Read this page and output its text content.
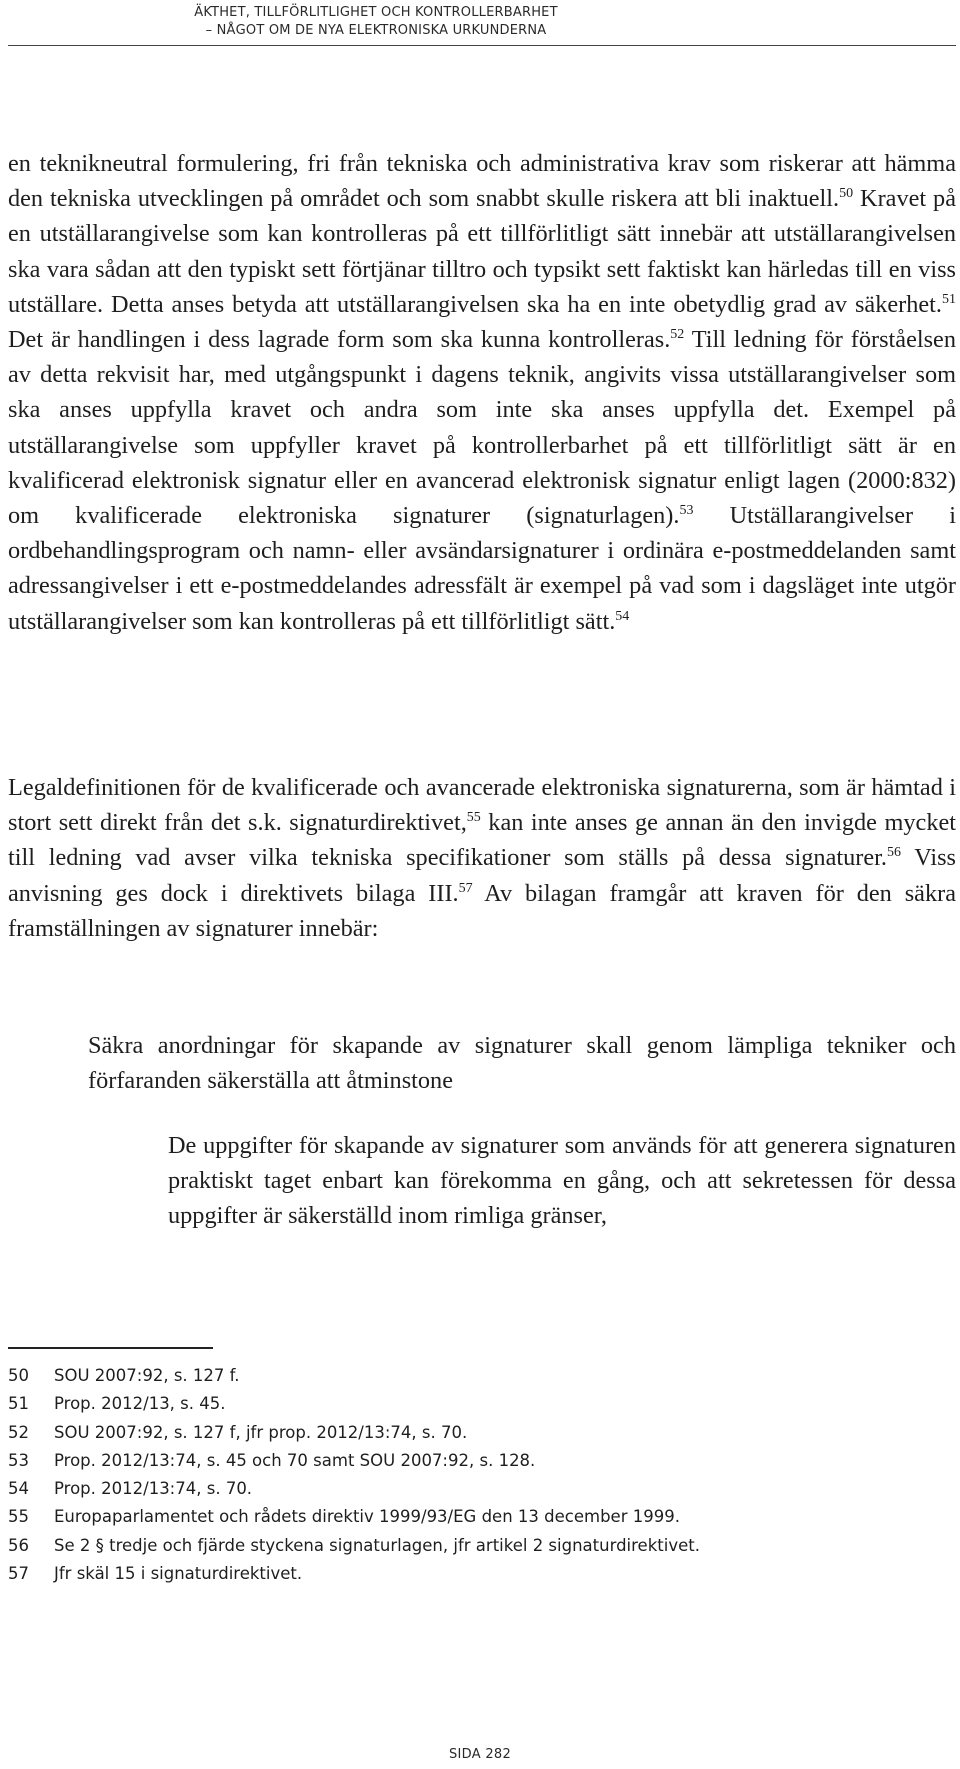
ÄKTHET, TILLFÖRLITLIGHET OCH KONTROLLERBARHET
– NÅGOT OM DE NYA ELEKTRONISKA URKUNDERNA

en teknikneutral formulering, fri från tekniska och administrativa krav som riskerar att hämma den tekniska utvecklingen på området och som snabbt skulle riskera att bli inaktuell.$^{50}$ Kravet på en utställarangivelse som kan kontrolleras på ett tillförlitligt sätt innebär att utställarangivelsen ska vara sådan att den typiskt sett förtjänar tilltro och typsikt sett faktiskt kan härledas till en viss utställare. Detta anses betyda att utställarangivelsen ska ha en inte obetydlig grad av säkerhet.$^{51}$ Det är handlingen i dess lagrade form som ska kunna kontrolleras.$^{52}$ Till ledning för förståelsen av detta rekvisit har, med utgångspunkt i dagens teknik, angivits vissa utställarangivelser som ska anses uppfylla kravet och andra som inte ska anses uppfylla det. Exempel på utställarangivelse som uppfyller kravet på kontrollerbarhet på ett tillförlitligt sätt är en kvalificerad elektronisk signatur eller en avancerad elektronisk signatur enligt lagen (2000:832) om kvalificerade elektroniska signaturer (signaturlagen).$^{53}$ Utställarangivelser i ordbehandlingsprogram och namn- eller avsändarsignaturer i ordinära e-postmeddelanden samt adressangivelser i ett e-postmeddelandes adressfält är exempel på vad som i dagsläget inte utgör utställarangivelser som kan kontrolleras på ett tillförlitligt sätt.$^{54}$

Legaldefinitionen för de kvalificerade och avancerade elektroniska signaturerna, som är hämtad i stort sett direkt från det s.k. signaturdirektivet,$^{55}$ kan inte anses ge annan än den invigde mycket till ledning vad avser vilka tekniska specifikationer som ställs på dessa signaturer.$^{56}$ Viss anvisning ges dock i direktivets bilaga III.$^{57}$ Av bilagan framgår att kraven för den säkra framställningen av signaturer innebär:

Säkra anordningar för skapande av signaturer skall genom lämpliga tekniker och förfaranden säkerställa att åtminstone

De uppgifter för skapande av signaturer som används för att generera signaturen praktiskt taget enbart kan förekomma en gång, och att sekretessen för dessa uppgifter är säkerställd inom rimliga gränser,

50 SOU 2007:92, s. 127 f.
51 Prop. 2012/13, s. 45.
52 SOU 2007:92, s. 127 f, jfr prop. 2012/13:74, s. 70.
53 Prop. 2012/13:74, s. 45 och 70 samt SOU 2007:92, s. 128.
54 Prop. 2012/13:74, s. 70.
55 Europaparlamentet och rådets direktiv 1999/93/EG den 13 december 1999.
56 Se 2 § tredje och fjärde styckena signaturlagen, jfr artikel 2 signaturdirektivet.
57 Jfr skäl 15 i signaturdirektivet.
SIDA 282
